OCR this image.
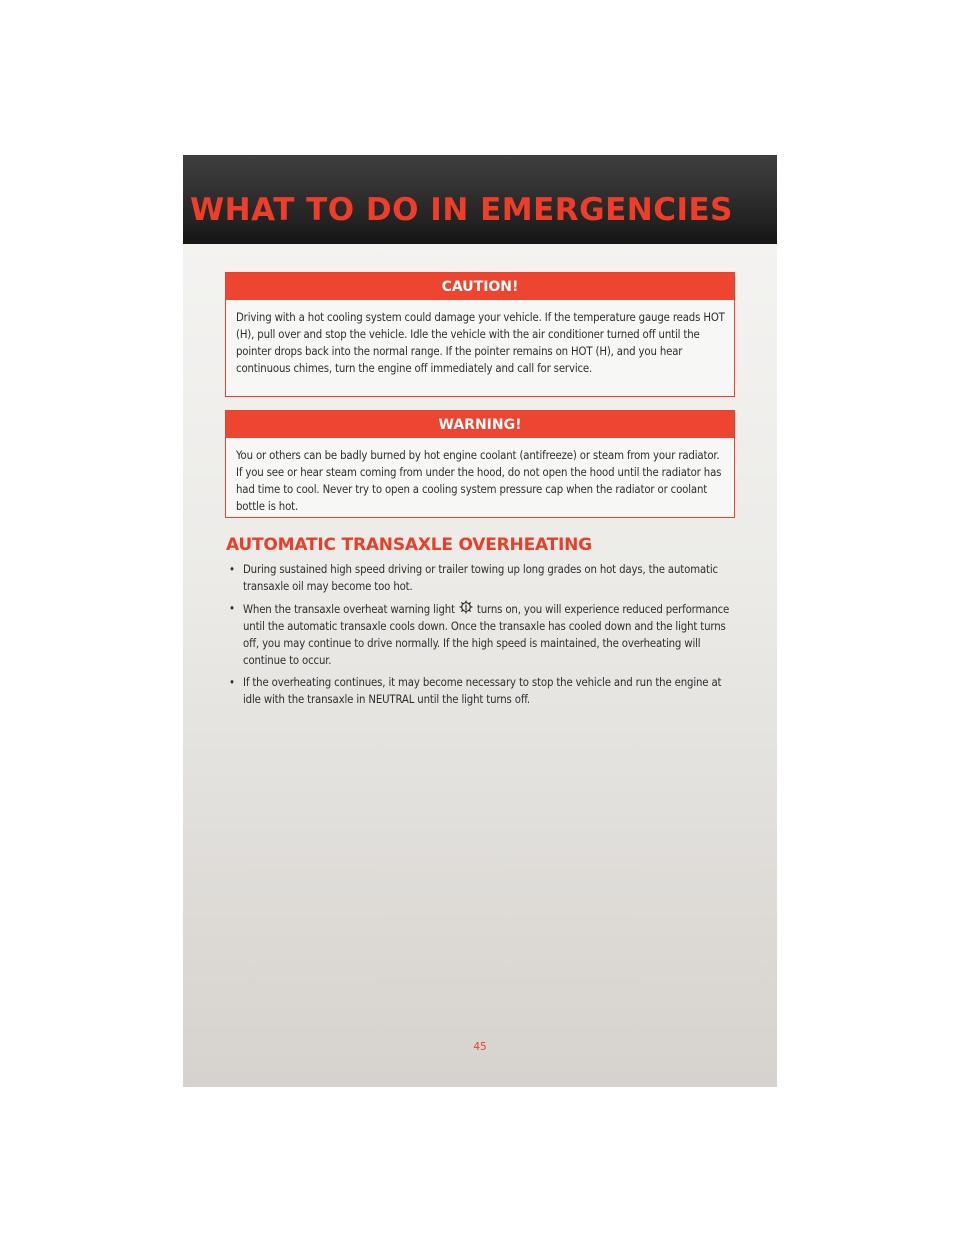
WHAT TO DO IN EMERGENCIES
CAUTION!
Driving with a hot cooling system could damage your vehicle. If the temperature gauge reads HOT (H), pull over and stop the vehicle. Idle the vehicle with the air conditioner turned off until the pointer drops back into the normal range. If the pointer remains on HOT (H), and you hear continuous chimes, turn the engine off immediately and call for service.
WARNING!
You or others can be badly burned by hot engine coolant (antifreeze) or steam from your radiator. If you see or hear steam coming from under the hood, do not open the hood until the radiator has had time to cool. Never try to open a cooling system pressure cap when the radiator or coolant bottle is hot.
AUTOMATIC TRANSAXLE OVERHEATING
• During sustained high speed driving or trailer towing up long grades on hot days, the automatic transaxle oil may become too hot.
• When the transaxle overheat warning light turns on, you will experience reduced performance until the automatic transaxle cools down. Once the transaxle has cooled down and the light turns off, you may continue to drive normally. If the high speed is maintained, the overheating will continue to occur.
• If the overheating continues, it may become necessary to stop the vehicle and run the engine at idle with the transaxle in NEUTRAL until the light turns off.
45
